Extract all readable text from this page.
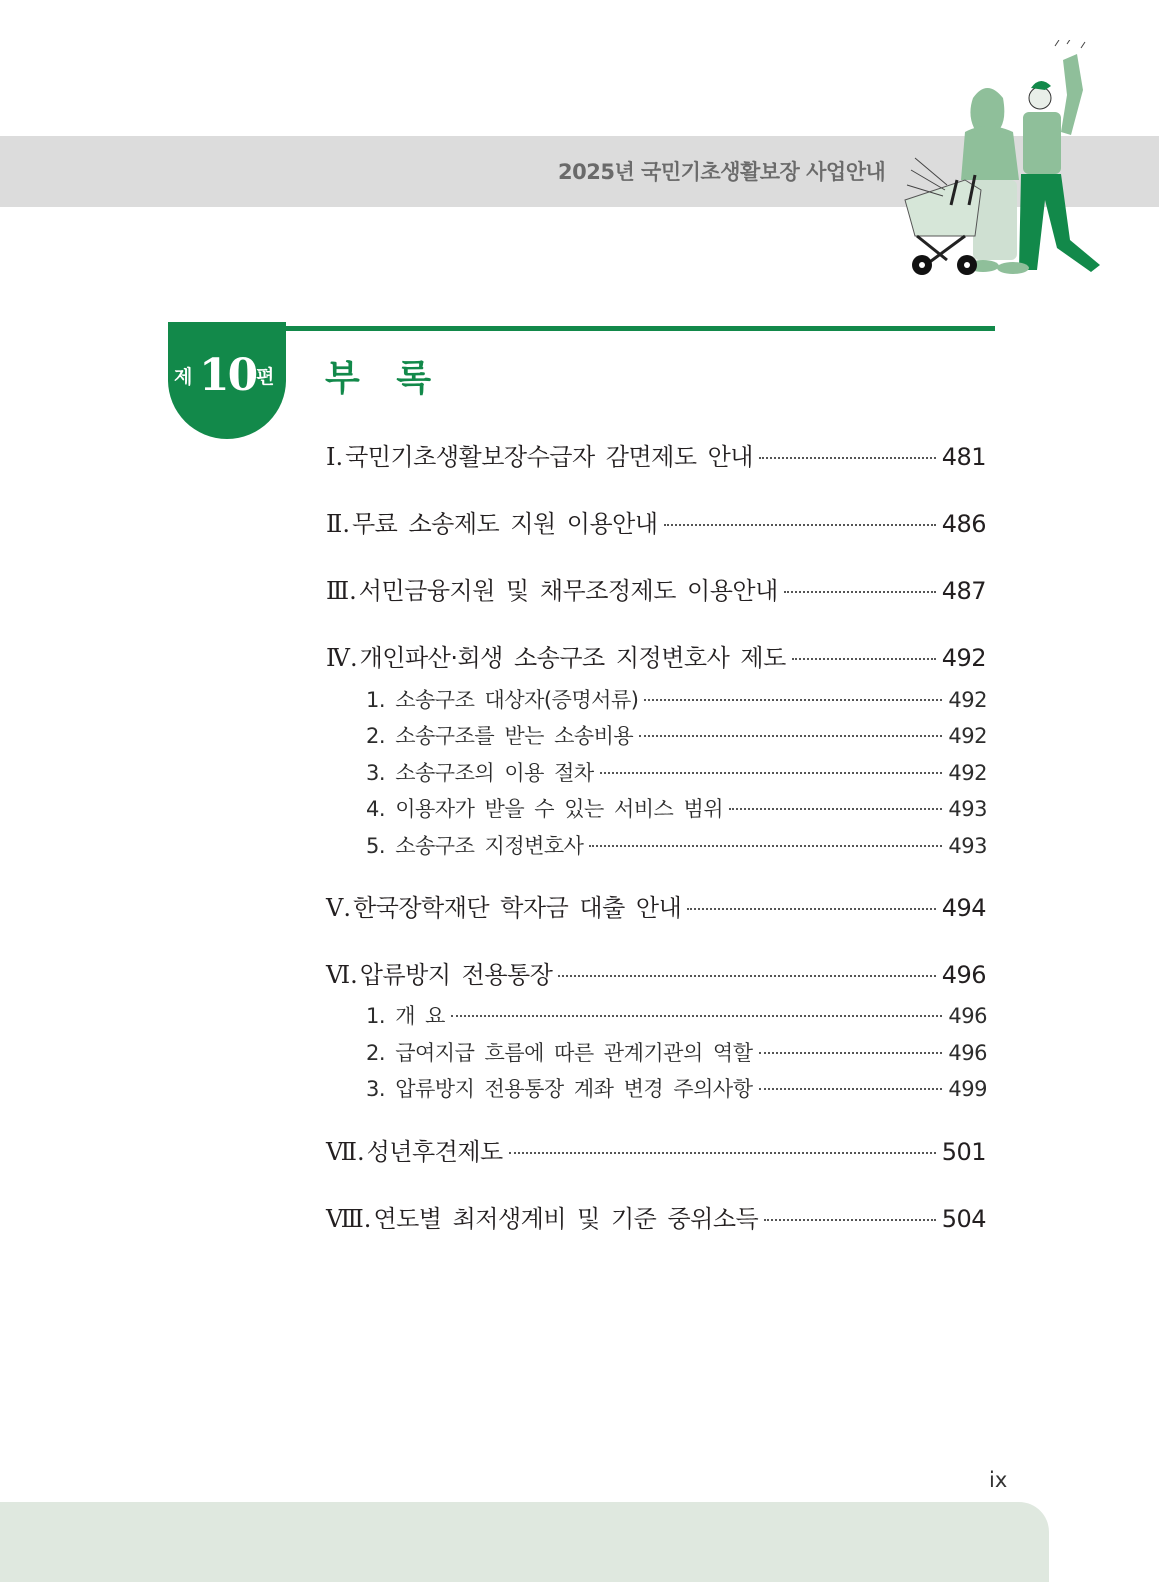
2025년 국민기초생활보장 사업안내
제 10 편 부 록
Ⅰ. 국민기초생활보장수급자 감면제도 안내	481
Ⅱ. 무료 소송제도 지원 이용안내	486
Ⅲ. 서민금융지원 및 채무조정제도 이용안내	487
Ⅳ. 개인파산·회생 소송구조 지정변호사 제도	492
1. 소송구조 대상자(증명서류)	492
2. 소송구조를 받는 소송비용	492
3. 소송구조의 이용 절차	492
4. 이용자가 받을 수 있는 서비스 범위	493
5. 소송구조 지정변호사	493
Ⅴ. 한국장학재단 학자금 대출 안내	494
Ⅵ. 압류방지 전용통장	496
1. 개 요	496
2. 급여지급 흐름에 따른 관계기관의 역할	496
3. 압류방지 전용통장 계좌 변경 주의사항	499
Ⅶ. 성년후견제도	501
Ⅷ. 연도별 최저생계비 및 기준 중위소득	504
ix
